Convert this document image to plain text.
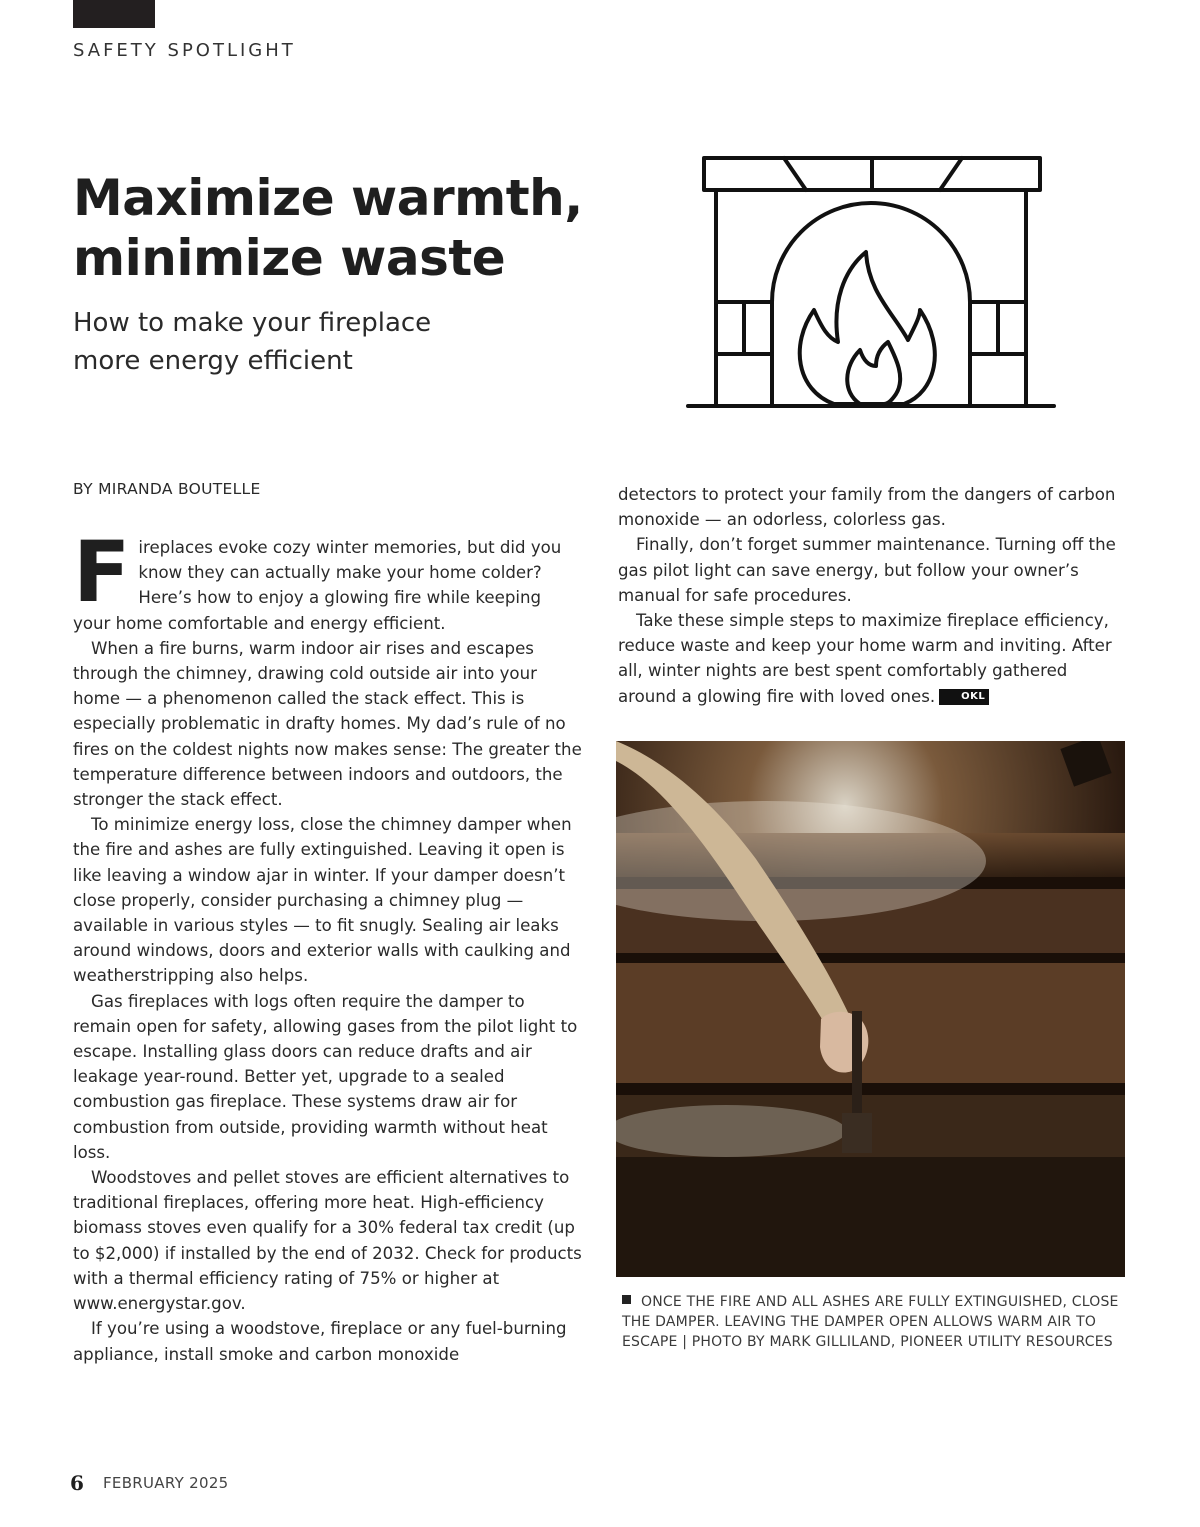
SAFETY SPOTLIGHT
Maximize warmth,
minimize waste
How to make your fireplace
more energy efficient
BY MIRANDA BOUTELLE

Fireplaces evoke cozy winter memories, but did you know they can actually make your home colder? Here’s how to enjoy a glowing fire while keeping your home comfortable and energy efficient.

When a fire burns, warm indoor air rises and escapes through the chimney, drawing cold outside air into your home — a phenomenon called the stack effect. This is especially problematic in drafty homes. My dad’s rule of no fires on the coldest nights now makes sense: The greater the temperature difference between indoors and outdoors, the stronger the stack effect.

To minimize energy loss, close the chimney damper when the fire and ashes are fully extinguished. Leaving it open is like leaving a window ajar in winter. If your damper doesn’t close properly, consider purchasing a chimney plug — available in various styles — to fit snugly. Sealing air leaks around windows, doors and exterior walls with caulking and weatherstripping also helps.

Gas fireplaces with logs often require the damper to remain open for safety, allowing gases from the pilot light to escape. Installing glass doors can reduce drafts and air leakage year-round. Better yet, upgrade to a sealed combustion gas fireplace. These systems draw air for combustion from outside, providing warmth without heat loss.

Woodstoves and pellet stoves are efficient alternatives to traditional fireplaces, offering more heat. High-efficiency biomass stoves even qualify for a 30% federal tax credit (up to $2,000) if installed by the end of 2032. Check for products with a thermal efficiency rating of 75% or higher at www.energystar.gov.

If you’re using a woodstove, fireplace or any fuel-burning appliance, install smoke and carbon monoxide

detectors to protect your family from the dangers of carbon monoxide — an odorless, colorless gas.

Finally, don’t forget summer maintenance. Turning off the gas pilot light can save energy, but follow your owner’s manual for safe procedures.

Take these simple steps to maximize fireplace efficiency, reduce waste and keep your home warm and inviting. After all, winter nights are best spent comfortably gathered around a glowing fire with loved ones.	OKL

ONCE THE FIRE AND ALL ASHES ARE FULLY EXTINGUISHED, CLOSE THE DAMPER. LEAVING THE DAMPER OPEN ALLOWS WARM AIR TO ESCAPE | PHOTO BY MARK GILLILAND, PIONEER UTILITY RESOURCES
6 FEBRUARY 2025
